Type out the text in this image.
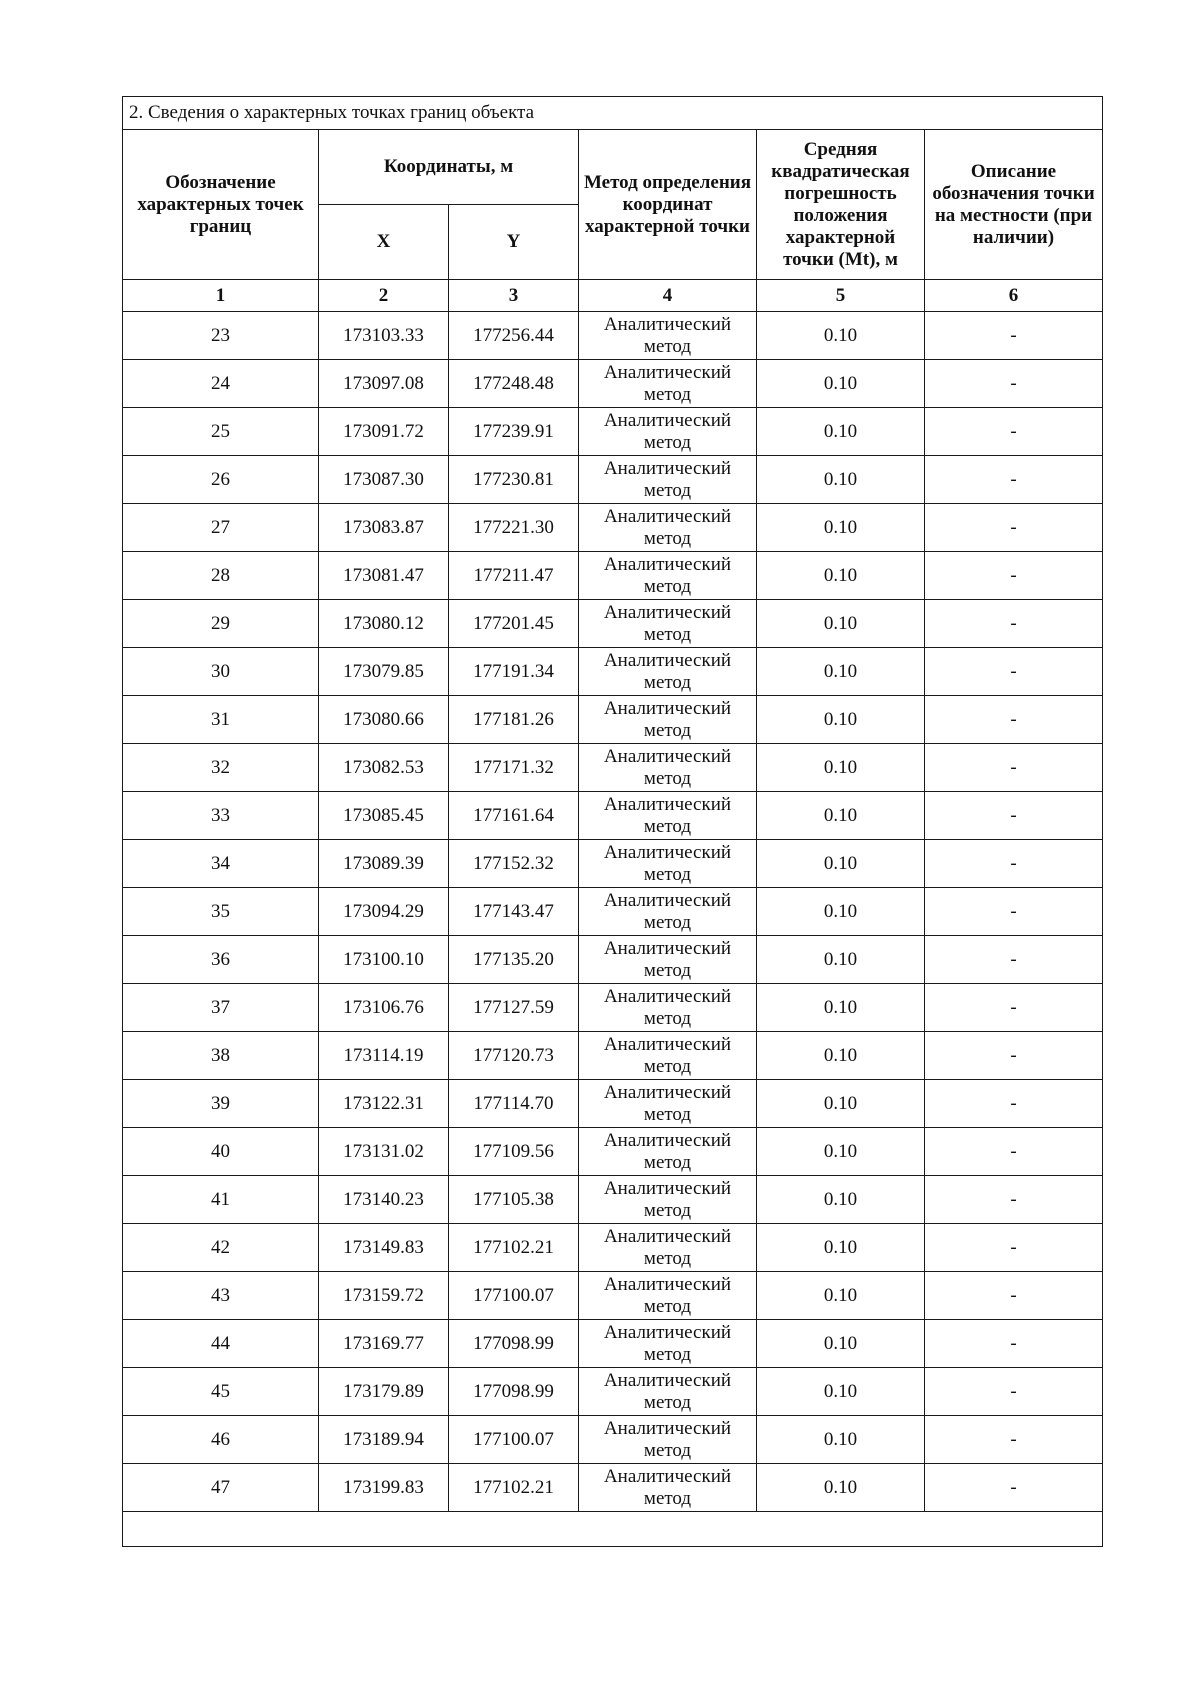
2. Сведения о характерных точках границ объекта					
Обозначение характерных точек границ	Координаты, м		Метод определения координат характерной точки	Средняя квадратическая погрешность положения характерной точки (Mt), м	Описание обозначения точки на местности (при наличии)
	X	Y			
1	2	3	4	5	6
23	173103.33	177256.44	Аналитический
метод	0.10	-
24	173097.08	177248.48	Аналитический
метод	0.10	-
25	173091.72	177239.91	Аналитический
метод	0.10	-
26	173087.30	177230.81	Аналитический
метод	0.10	-
27	173083.87	177221.30	Аналитический
метод	0.10	-
28	173081.47	177211.47	Аналитический
метод	0.10	-
29	173080.12	177201.45	Аналитический
метод	0.10	-
30	173079.85	177191.34	Аналитический
метод	0.10	-
31	173080.66	177181.26	Аналитический
метод	0.10	-
32	173082.53	177171.32	Аналитический
метод	0.10	-
33	173085.45	177161.64	Аналитический
метод	0.10	-
34	173089.39	177152.32	Аналитический
метод	0.10	-
35	173094.29	177143.47	Аналитический
метод	0.10	-
36	173100.10	177135.20	Аналитический
метод	0.10	-
37	173106.76	177127.59	Аналитический
метод	0.10	-
38	173114.19	177120.73	Аналитический
метод	0.10	-
39	173122.31	177114.70	Аналитический
метод	0.10	-
40	173131.02	177109.56	Аналитический
метод	0.10	-
41	173140.23	177105.38	Аналитический
метод	0.10	-
42	173149.83	177102.21	Аналитический
метод	0.10	-
43	173159.72	177100.07	Аналитический
метод	0.10	-
44	173169.77	177098.99	Аналитический
метод	0.10	-
45	173179.89	177098.99	Аналитический
метод	0.10	-
46	173189.94	177100.07	Аналитический
метод	0.10	-
47	173199.83	177102.21	Аналитический
метод	0.10	-
